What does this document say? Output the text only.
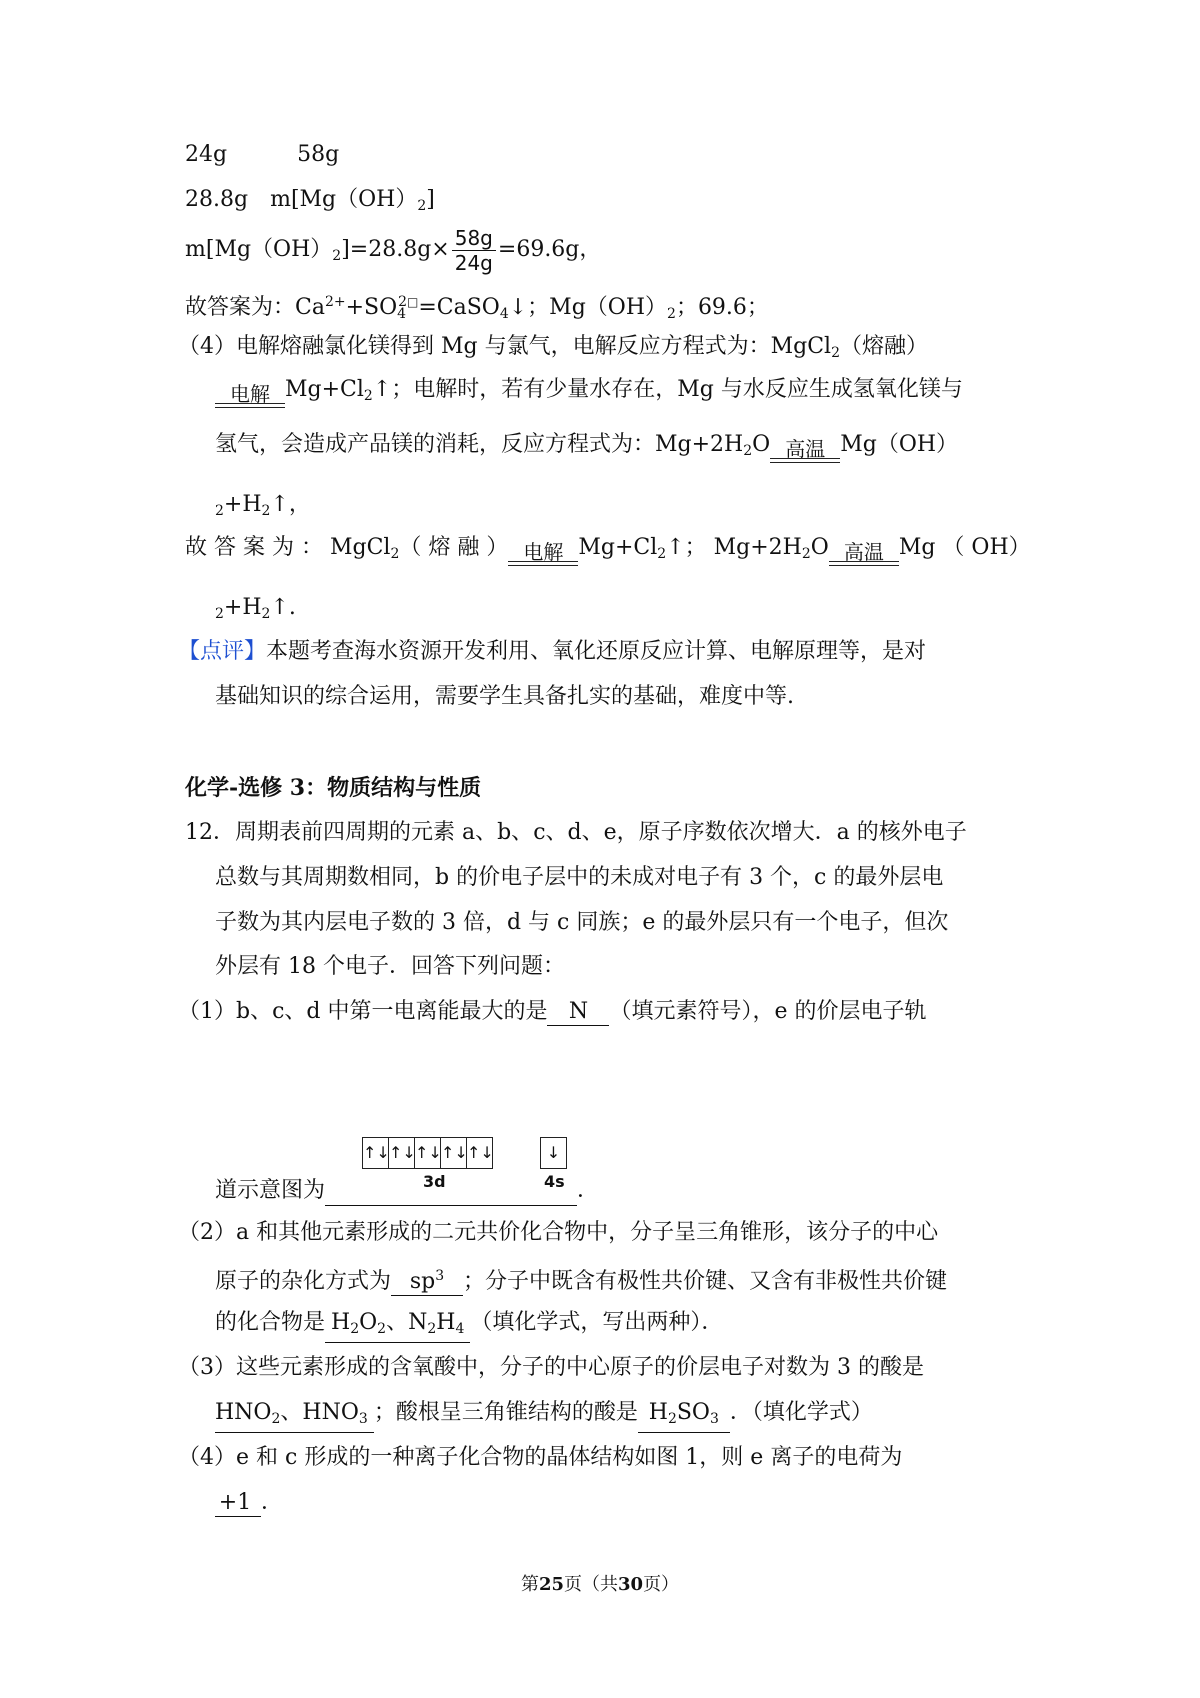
24g	58g
28.8g $m[Mg(OH)_2]$
$m[Mg(OH)_2]=28.8g\times \frac{58g}{24g} =69.6g$，
故答案为：$Ca^{2+}+SO_4^{2□}=CaSO_4↓$；$Mg(OH)_2$；69.6；
（4）电解熔融氯化镁得到 Mg 与氯气，电解反应方程式为：MgCl$_2$（熔融）
电解 $Mg+Cl_2↑$；电解时，若有少量水存在，Mg 与水反应生成氢氧化镁与
氢气，会造成产品镁的消耗，反应方程式为：$Mg+2H_2O$ 高温 Mg（OH）
$_2+H_2↑$，
故 答 案 为 ： MgCl$_2$（ 熔 融 ） 电解 $Mg+Cl_2↑$； $Mg+2H_2O$ 高温 Mg （ OH）
$_2+H_2↑$.
【点评】本题考查海水资源开发利用、氧化还原反应计算、电解原理等，是对
基础知识的综合运用，需要学生具备扎实的基础，难度中等.
化学-选修 3：物质结构与性质
12．周期表前四周期的元素 a、b、c、d、e，原子序数依次增大．a 的核外电子
总数与其周期数相同，b 的价电子层中的未成对电子有 3 个，c 的最外层电
子数为其内层电子数的 3 倍，d 与 c 同族；e 的最外层只有一个电子，但次
外层有 18 个电子．回答下列问题：
（1）b、c、d 中第一电离能最大的是 N （填元素符号），e 的价层电子轨
↑↓ ↑↓ ↑↓ ↑↓ ↑↓	↓
道示意图为	．
3d	4s
（2）a 和其他元素形成的二元共价化合物中，分子呈三角锥形，该分子的中心
原子的杂化方式为 $sp^3$ ；分子中既含有极性共价键、又含有非极性共价键
的化合物是 $H_2O_2$、$N_2H_4$ （填化学式，写出两种）．
（3）这些元素形成的含氧酸中，分子的中心原子的价层电子对数为 3 的酸是
$HNO_2$、$HNO_3$ ；酸根呈三角锥结构的酸是 $H_2SO_3$ ．（填化学式）
（4）e 和 c 形成的一种离子化合物的晶体结构如图 1，则 e 离子的电荷为
+1 ．
第25页（共30页）
